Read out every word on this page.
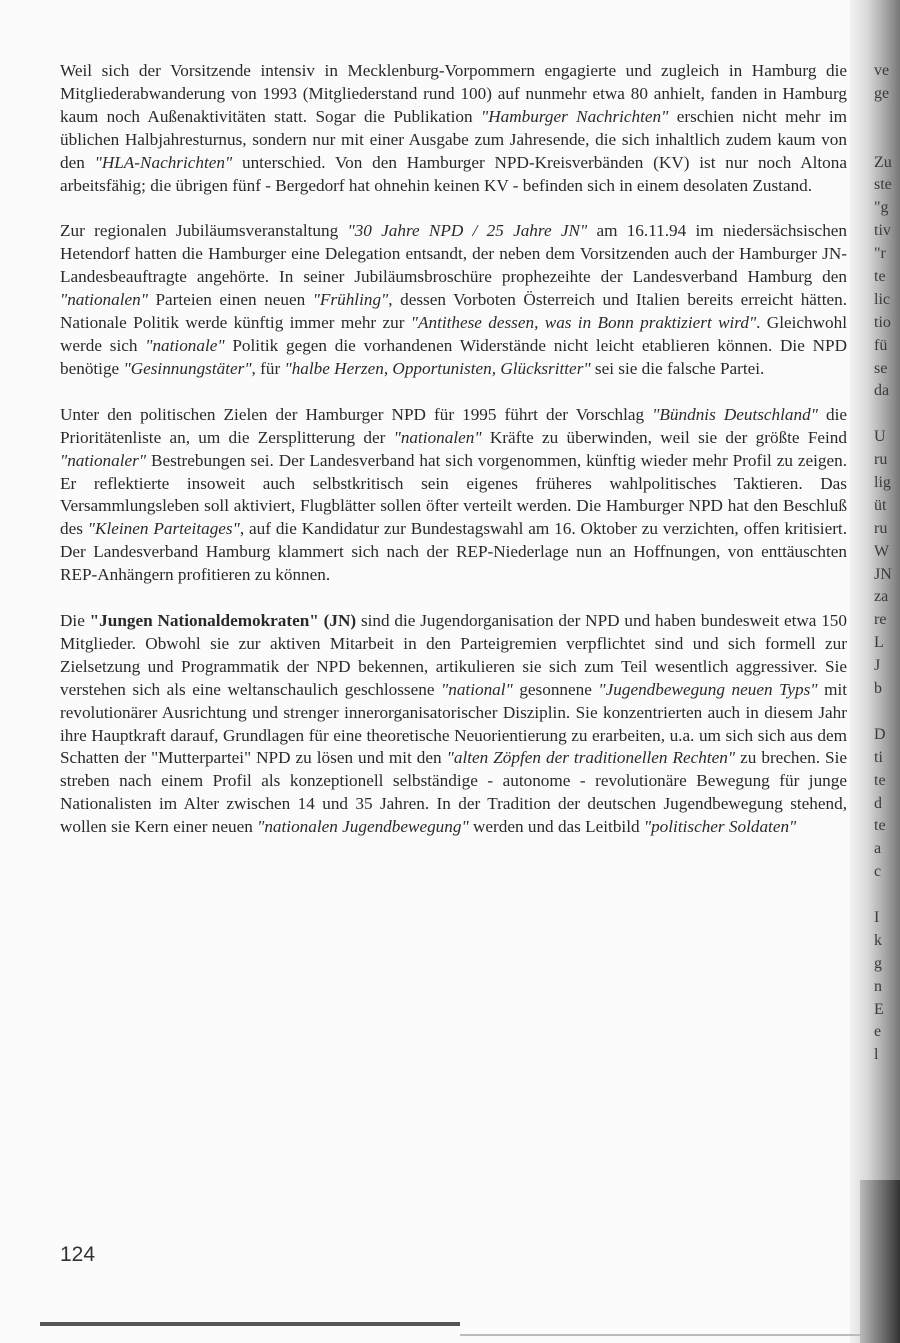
Weil sich der Vorsitzende intensiv in Mecklenburg-Vorpommern engagierte und zugleich in Hamburg die Mitgliederabwanderung von 1993 (Mitgliederstand rund 100) auf nunmehr etwa 80 anhielt, fanden in Hamburg kaum noch Außenaktivitäten statt. Sogar die Publikation "Hamburger Nachrichten" erschien nicht mehr im üblichen Halbjahresturnus, sondern nur mit einer Ausgabe zum Jahresende, die sich inhaltlich zudem kaum von den "HLA-Nachrichten" unterschied. Von den Hamburger NPD-Kreisverbänden (KV) ist nur noch Altona arbeitsfähig; die übrigen fünf - Bergedorf hat ohnehin keinen KV - befinden sich in einem desolaten Zustand.

Zur regionalen Jubiläumsveranstaltung "30 Jahre NPD / 25 Jahre JN" am 16.11.94 im niedersächsischen Hetendorf hatten die Hamburger eine Delegation entsandt, der neben dem Vorsitzenden auch der Hamburger JN-Landesbeauftragte angehörte. In seiner Jubiläumsbroschüre prophezeihte der Landesverband Hamburg den "nationalen" Parteien einen neuen "Frühling", dessen Vorboten Österreich und Italien bereits erreicht hätten. Nationale Politik werde künftig immer mehr zur "Antithese dessen, was in Bonn praktiziert wird". Gleichwohl werde sich "nationale" Politik gegen die vorhandenen Widerstände nicht leicht etablieren können. Die NPD benötige "Gesinnungstäter", für "halbe Herzen, Opportunisten, Glücksritter" sei sie die falsche Partei.

Unter den politischen Zielen der Hamburger NPD für 1995 führt der Vorschlag "Bündnis Deutschland" die Prioritätenliste an, um die Zersplitterung der "nationalen" Kräfte zu überwinden, weil sie der größte Feind "nationaler" Bestrebungen sei. Der Landesverband hat sich vorgenommen, künftig wieder mehr Profil zu zeigen. Er reflektierte insoweit auch selbstkritisch sein eigenes früheres wahlpolitisches Taktieren. Das Versammlungsleben soll aktiviert, Flugblätter sollen öfter verteilt werden. Die Hamburger NPD hat den Beschluß des "Kleinen Parteitages", auf die Kandidatur zur Bundestagswahl am 16. Oktober zu verzichten, offen kritisiert. Der Landesverband Hamburg klammert sich nach der REP-Niederlage nun an Hoffnungen, von enttäuschten REP-Anhängern profitieren zu können.

Die "Jungen Nationaldemokraten" (JN) sind die Jugendorganisation der NPD und haben bundesweit etwa 150 Mitglieder. Obwohl sie zur aktiven Mitarbeit in den Parteigremien verpflichtet sind und sich formell zur Zielsetzung und Programmatik der NPD bekennen, artikulieren sie sich zum Teil wesentlich aggressiver. Sie verstehen sich als eine weltanschaulich geschlossene "national" gesonnene "Jugendbewegung neuen Typs" mit revolutionärer Ausrichtung und strenger innerorganisatorischer Disziplin. Sie konzentrierten auch in diesem Jahr ihre Hauptkraft darauf, Grundlagen für eine theoretische Neuorientierung zu erarbeiten, u.a. um sich sich aus dem Schatten der "Mutterpartei" NPD zu lösen und mit den "alten Zöpfen der traditionellen Rechten" zu brechen. Sie streben nach einem Profil als konzeptionell selbständige - autonome - revolutionäre Bewegung für junge Nationalisten im Alter zwischen 14 und 35 Jahren. In der Tradition der deutschen Jugendbewegung stehend, wollen sie Kern einer neuen "nationalen Jugendbewegung" werden und das Leitbild "politischer Soldaten"

124
ve
ge
Zu
ste
"g
tiv
"r
te
lic
tio
fü
se
da
U
ru
lig
üt
ru
W
JN
za
re
L
J
b
D
ti
te
d
te
a
c
I
k
g
n
E
e
l
